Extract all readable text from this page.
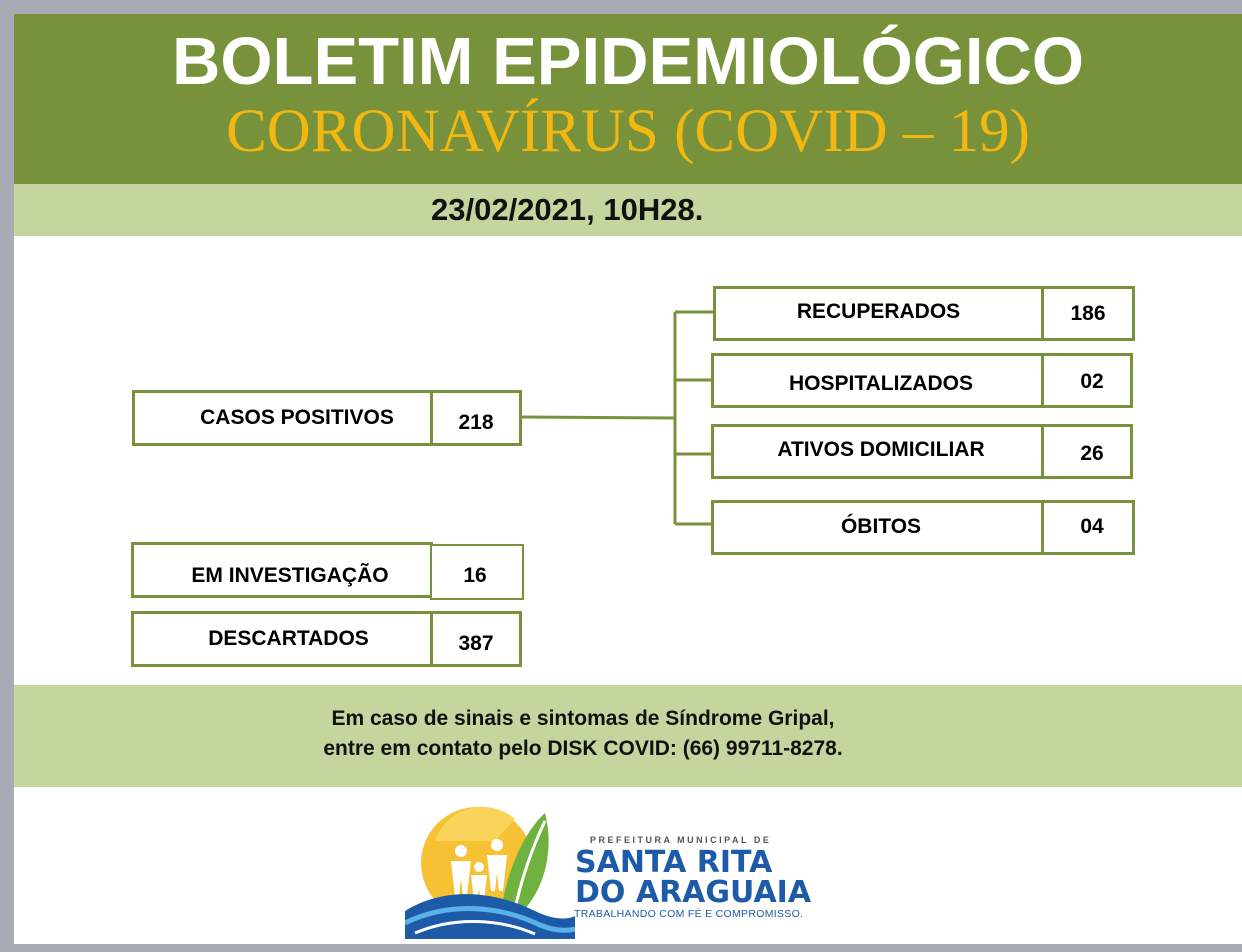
BOLETIM EPIDEMIOLÓGICO
CORONAVÍRUS (COVID – 19)
23/02/2021, 10H28.
CASOS POSITIVOS	218
RECUPERADOS	186
HOSPITALIZADOS	02
ATIVOS DOMICILIAR	26
ÓBITOS	04
EM INVESTIGAÇÃO	16
DESCARTADOS	387
Em caso de sinais e sintomas de Síndrome Gripal,
entre em contato pelo DISK COVID: (66) 99711-8278.
PREFEITURA MUNICIPAL DE
SANTA RITA
DO ARAGUAIA
TRABALHANDO COM FÉ E COMPROMISSO.
